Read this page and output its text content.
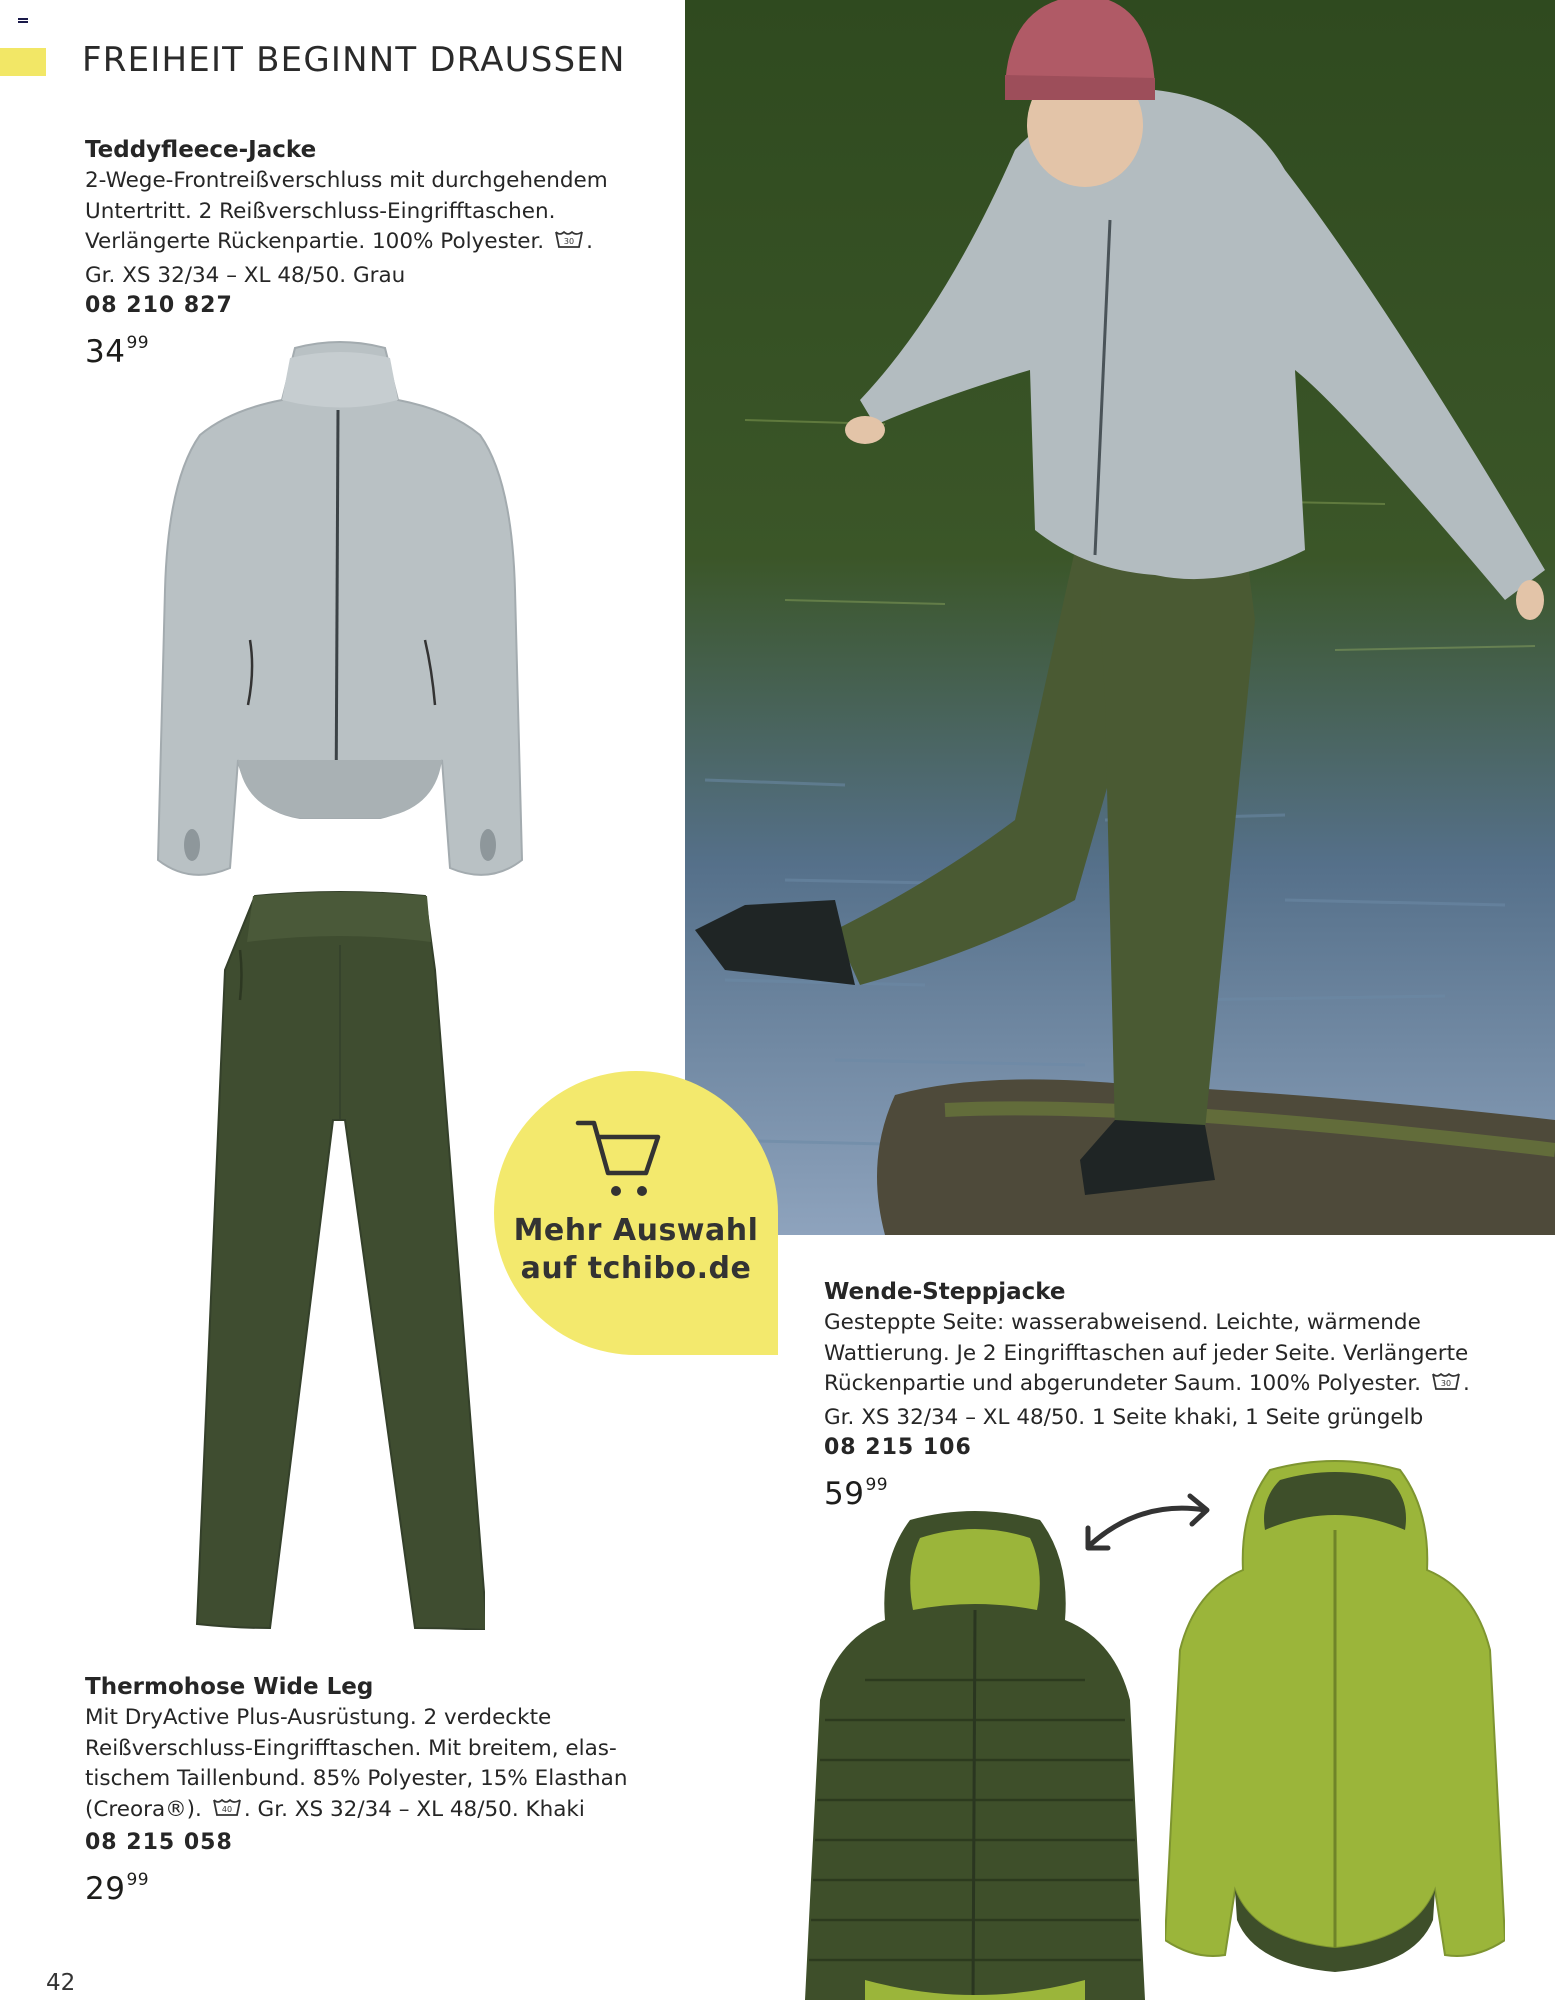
FREIHEIT BEGINNT DRAUSSEN
Teddyfleece-Jacke
2-Wege-Frontreißverschluss mit durchgehendem
Untertritt. 2 Reißverschluss-Eingrifftaschen.
Verlängerte Rückenpartie. 100% Polyester. 30 .
Gr. XS 32/34 – XL 48/50. Grau
08 210 827
$34^{99}$
Thermohose Wide Leg
Mit DryActive Plus-Ausrüstung. 2 verdeckte
Reißverschluss-Eingrifftaschen. Mit breitem, elas-
tischem Taillenbund. 85% Polyester, 15% Elasthan
(Creora®). 40 . Gr. XS 32/34 – XL 48/50. Khaki
08 215 058
$29^{99}$
Mehr Auswahl
auf tchibo.de
Wende-Steppjacke
Gesteppte Seite: wasserabweisend. Leichte, wärmende
Wattierung. Je 2 Eingrifftaschen auf jeder Seite. Verlängerte
Rückenpartie und abgerundeter Saum. 100% Polyester. 30 .
Gr. XS 32/34 – XL 48/50. 1 Seite khaki, 1 Seite grüngelb
08 215 106
$59^{99}$
42
